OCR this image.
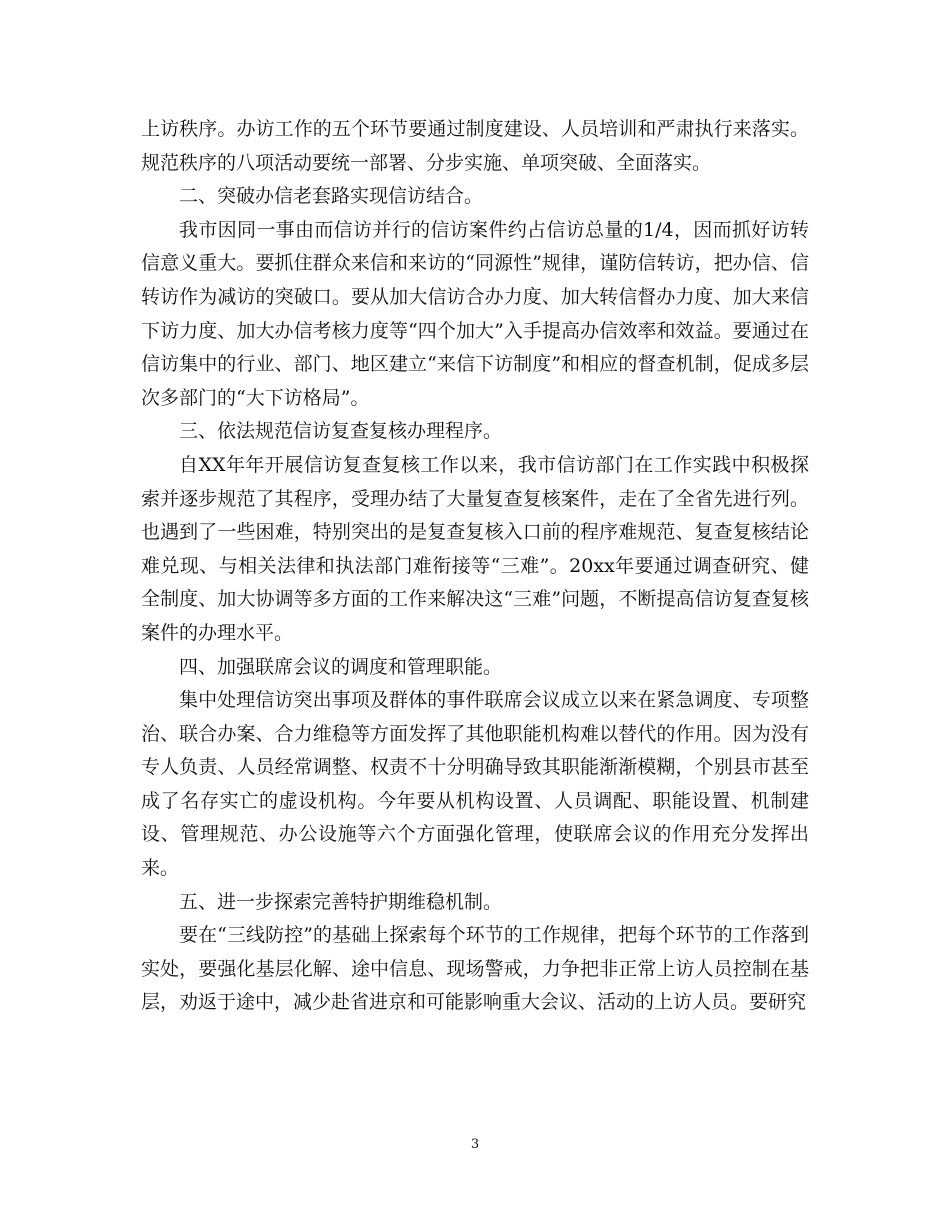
上访秩序。办访工作的五个环节要通过制度建设、人员培训和严肃执行来落实。规范秩序的八项活动要统一部署、分步实施、单项突破、全面落实。

二、突破办信老套路实现信访结合。

我市因同一事由而信访并行的信访案件约占信访总量的1/4，因而抓好访转信意义重大。要抓住群众来信和来访的“同源性”规律，谨防信转访，把办信、信转访作为减访的突破口。要从加大信访合办力度、加大转信督办力度、加大来信下访力度、加大办信考核力度等“四个加大”入手提高办信效率和效益。要通过在信访集中的行业、部门、地区建立“来信下访制度”和相应的督查机制，促成多层次多部门的“大下访格局”。

三、依法规范信访复查复核办理程序。

自XX年年开展信访复查复核工作以来，我市信访部门在工作实践中积极探索并逐步规范了其程序，受理办结了大量复查复核案件，走在了全省先进行列。也遇到了一些困难，特别突出的是复查复核入口前的程序难规范、复查复核结论难兑现、与相关法律和执法部门难衔接等“三难”。20xx年要通过调查研究、健全制度、加大协调等多方面的工作来解决这“三难”问题，不断提高信访复查复核案件的办理水平。

四、加强联席会议的调度和管理职能。

集中处理信访突出事项及群体的事件联席会议成立以来在紧急调度、专项整治、联合办案、合力维稳等方面发挥了其他职能机构难以替代的作用。因为没有专人负责、人员经常调整、权责不十分明确导致其职能渐渐模糊，个别县市甚至成了名存实亡的虚设机构。今年要从机构设置、人员调配、职能设置、机制建设、管理规范、办公设施等六个方面强化管理，使联席会议的作用充分发挥出来。

五、进一步探索完善特护期维稳机制。

要在“三线防控”的基础上探索每个环节的工作规律，把每个环节的工作落到实处，要强化基层化解、途中信息、现场警戒，力争把非正常上访人员控制在基层，劝返于途中，减少赴省进京和可能影响重大会议、活动的上访人员。要研究

3
